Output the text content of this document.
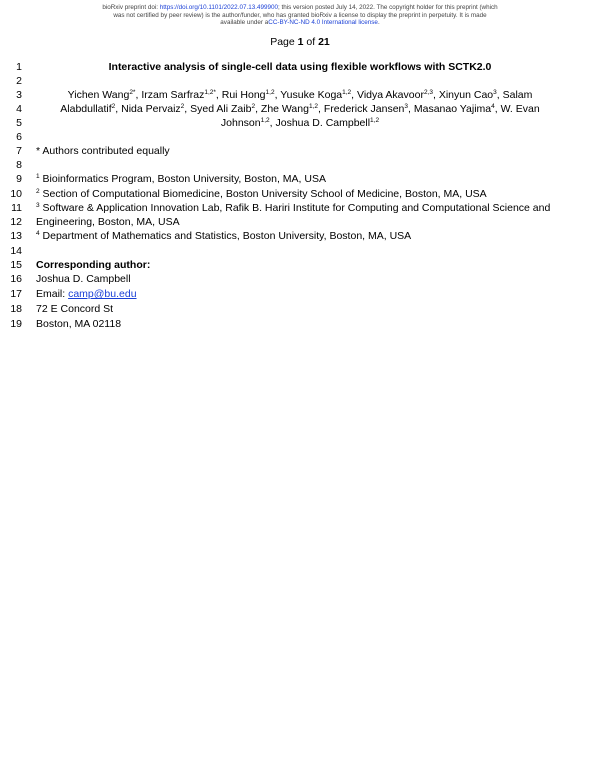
bioRxiv preprint doi: https://doi.org/10.1101/2022.07.13.499900; this version posted July 14, 2022. The copyright holder for this preprint (which
was not certified by peer review) is the author/funder, who has granted bioRxiv a license to display the preprint in perpetuity. It is made
available under aCC-BY-NC-ND 4.0 International license.
Page 1 of 21
1
2
3
4
5
6
7
8
9
10
11
12
13
14
15
16
17
18
19
Interactive analysis of single-cell data using flexible workflows with SCTK2.0
Yichen Wang$^{2*}$, Irzam Sarfraz$^{1,2*}$, Rui Hong$^{1,2}$, Yusuke Koga$^{1,2}$, Vidya Akavoor$^{2,3}$, Xinyun Cao$^3$, Salam
Alabdullatif$^2$, Nida Pervaiz$^2$, Syed Ali Zaib$^2$, Zhe Wang$^{1,2}$, Frederick Jansen$^3$, Masanao Yajima$^4$, W. Evan
Johnson$^{1,2}$, Joshua D. Campbell$^{1,2}$
* Authors contributed equally
$^1$ Bioinformatics Program, Boston University, Boston, MA, USA
$^2$ Section of Computational Biomedicine, Boston University School of Medicine, Boston, MA, USA
$^3$ Software & Application Innovation Lab, Rafik B. Hariri Institute for Computing and Computational Science and
Engineering, Boston, MA, USA
$^4$ Department of Mathematics and Statistics, Boston University, Boston, MA, USA
Corresponding author:
Joshua D. Campbell
Email: camp@bu.edu
72 E Concord St
Boston, MA 02118
